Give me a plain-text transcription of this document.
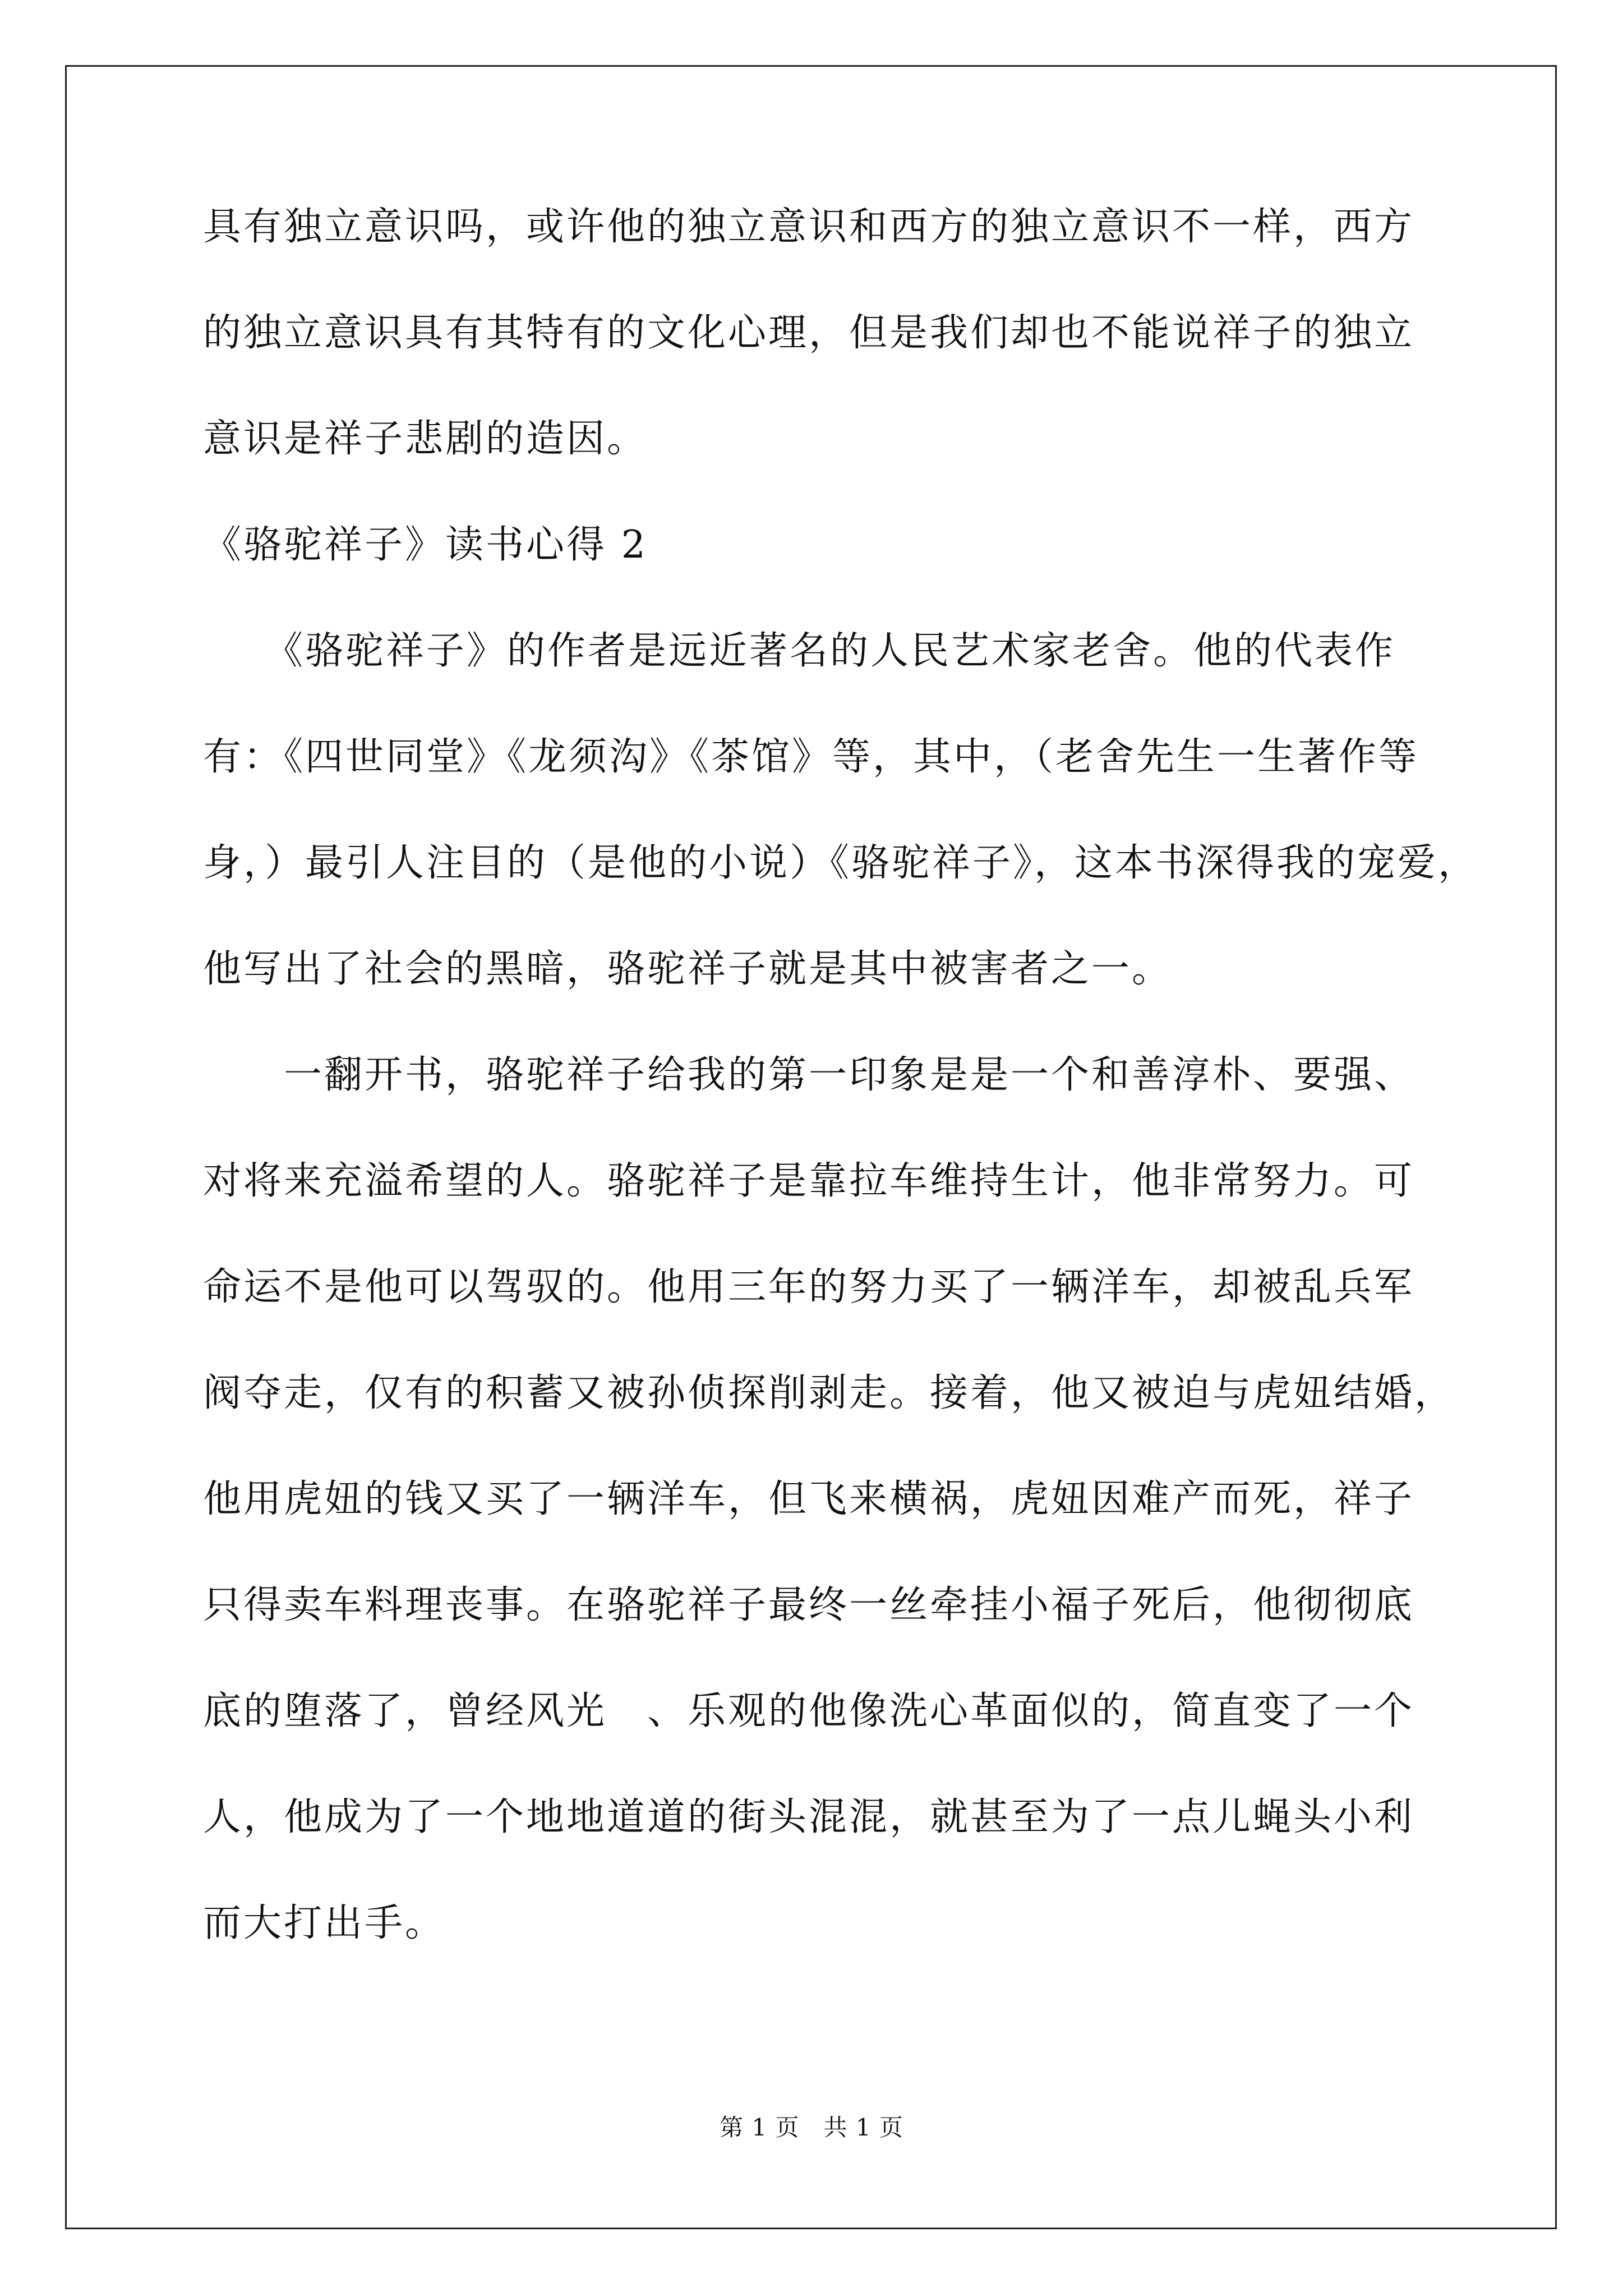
具有独立意识吗，或许他的独立意识和西方的独立意识不一样，西方
的独立意识具有其特有的文化心理，但是我们却也不能说祥子的独立
意识是祥子悲剧的造因。
《骆驼祥子》读书心得 2
　　《骆驼祥子》的作者是远近著名的人民艺术家老舍。他的代表作
有：《四世同堂》《龙须沟》《茶馆》等，其中，（老舍先生一生著作等
身，）最引人注目的（是他的小说）《骆驼祥子》，这本书深得我的宠爱，
他写出了社会的黑暗，骆驼祥子就是其中被害者之一。
　　一翻开书，骆驼祥子给我的第一印象是是一个和善淳朴、要强、
对将来充溢希望的人。骆驼祥子是靠拉车维持生计，他非常努力。可
命运不是他可以驾驭的。他用三年的努力买了一辆洋车，却被乱兵军
阀夺走，仅有的积蓄又被孙侦探削剥走。接着，他又被迫与虎妞结婚，
他用虎妞的钱又买了一辆洋车，但飞来横祸，虎妞因难产而死，祥子
只得卖车料理丧事。在骆驼祥子最终一丝牵挂小福子死后，他彻彻底
底的堕落了，曾经风光　、乐观的他像洗心革面似的，简直变了一个
人，他成为了一个地地道道的街头混混，就甚至为了一点儿蝇头小利
而大打出手。
第 1 页　共 1 页
